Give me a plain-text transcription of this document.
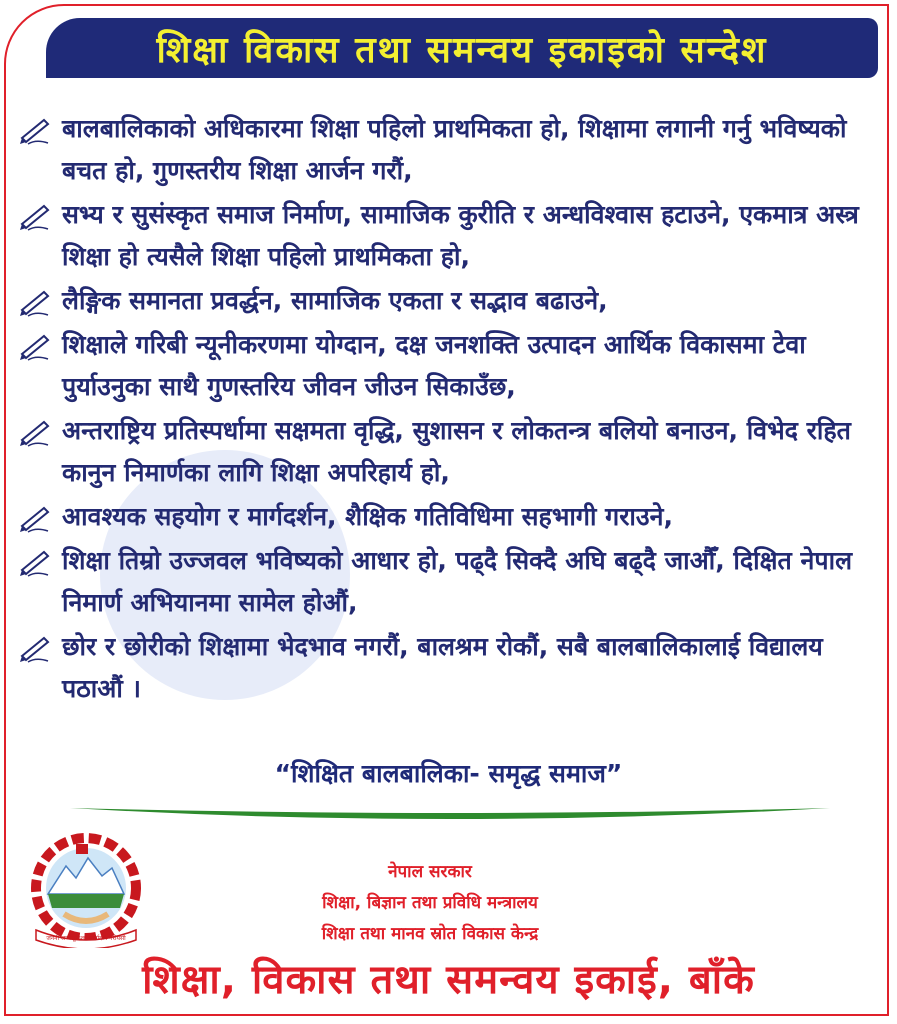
शिक्षा विकास तथा समन्वय इकाइको सन्देश
बालबालिकाको अधिकारमा शिक्षा पहिलो प्राथमिकता हो, शिक्षामा लगानी गर्नु भविष्यको बचत हो, गुणस्तरीय शिक्षा आर्जन गरौं,
सभ्य र सुसंस्कृत समाज निर्माण, सामाजिक कुरीति र अन्धविश्वास हटाउने, एकमात्र अस्त्र शिक्षा हो त्यसैले शिक्षा पहिलो प्राथमिकता हो,
लैङ्गिक समानता प्रवर्द्धन, सामाजिक एकता र सद्भाव बढाउने,
शिक्षाले गरिबी न्यूनीकरणमा योग्दान, दक्ष जनशक्ति उत्पादन आर्थिक विकासमा टेवा पुर्याउनुका साथै गुणस्तरिय जीवन जीउन सिकाउँछ,
अन्तराष्ट्रिय प्रतिस्पर्धामा सक्षमता वृद्धि, सुशासन र लोकतन्त्र बलियो बनाउन, विभेद रहित कानुन निमार्णका लागि शिक्षा अपरिहार्य हो,
आवश्यक सहयोग र मार्गदर्शन, शैक्षिक गतिविधिमा सहभागी गराउने,
शिक्षा तिम्रो उज्जवल भविष्यको आधार हो, पढ्दै सिक्दै अघि बढ्दै जाऔँ, दिक्षित नेपाल निमार्ण अभियानमा सामेल होऔं,
छोर र छोरीको शिक्षामा भेदभाव नगरौं, बालश्रम रोकौं, सबै बालबालिकालाई विद्यालय पठाऔं ।
“शिक्षित बालबालिका- समृद्ध समाज”
जननी जन्मभूमिश्च स्वर्गादपि गरीयसी
नेपाल सरकार
शिक्षा, बिज्ञान तथा प्रविधि मन्त्रालय
शिक्षा तथा मानव स्रोत विकास केन्द्र
शिक्षा, विकास तथा समन्वय इकाई, बाँके
